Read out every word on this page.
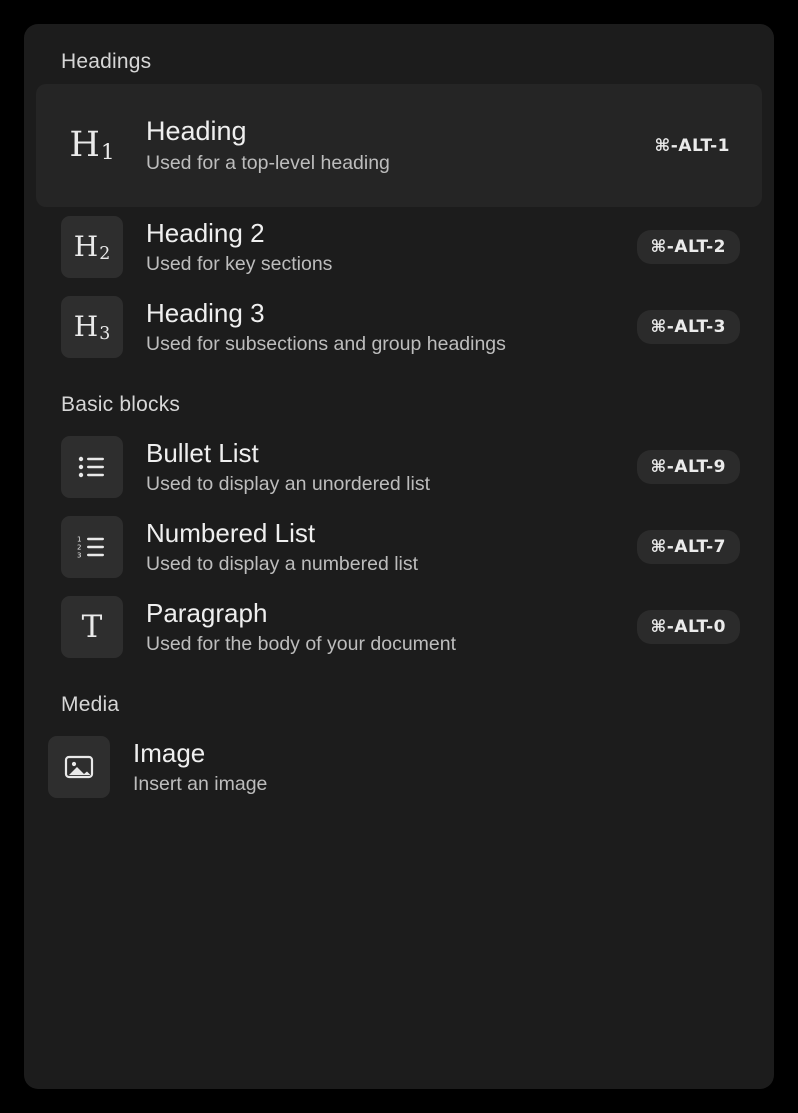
Headings
H1
Heading
Used for a top-level heading
⌘-ALT-1
H2
Heading 2
Used for key sections
⌘-ALT-2
H3
Heading 3
Used for subsections and group headings
⌘-ALT-3
Basic blocks
Bullet List
Used to display an unordered list
⌘-ALT-9
1
2
3
Numbered List
Used to display a numbered list
⌘-ALT-7
T Paragraph
Used for the body of your document
⌘-ALT-0
Media
Image
Insert an image
